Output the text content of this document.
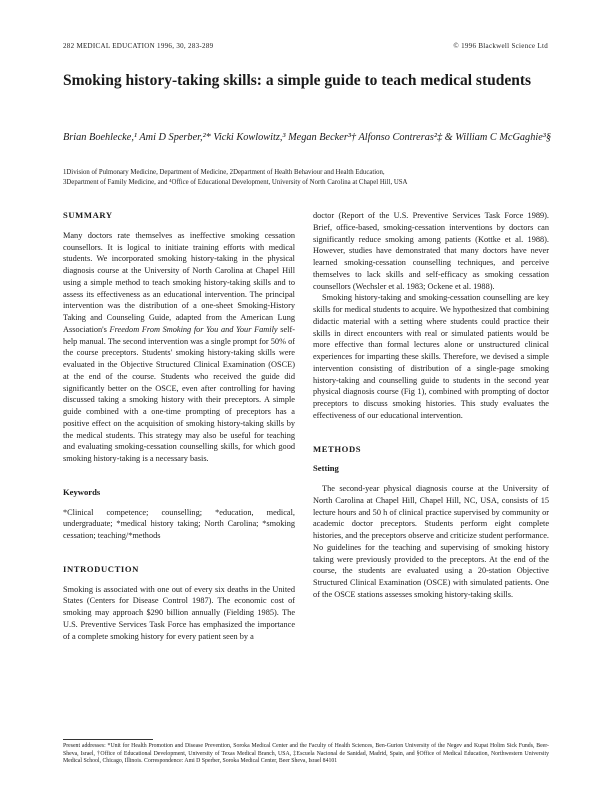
282 MEDICAL EDUCATION 1996, 30, 283-289	© 1996 Blackwell Science Ltd
Smoking history-taking skills: a simple guide to teach medical students
Brian Boehlecke,¹ Ami D Sperber,²* Vicki Kowlowitz,³ Megan Becker³† Alfonso Contreras²‡ & William C McGaghie³§
1Division of Pulmonary Medicine, Department of Medicine, 2Department of Health Behaviour and Health Education,
3Department of Family Medicine, and ⁴Office of Educational Development, University of North Carolina at Chapel Hill, USA

SUMMARY

Many doctors rate themselves as ineffective smoking cessation counsellors. It is logical to initiate training efforts with medical students. We incorporated smoking history-taking in the physical diagnosis course at the University of North Carolina at Chapel Hill using a simple method to teach smoking history-taking skills and to assess its effectiveness as an educational intervention. The principal intervention was the distribution of a one-sheet Smoking-History Taking and Counseling Guide, adapted from the American Lung Association's Freedom From Smoking for You and Your Family self-help manual. The second intervention was a single prompt for 50% of the course preceptors. Students' smoking history-taking skills were evaluated in the Objective Structured Clinical Examination (OSCE) at the end of the course. Students who received the guide did significantly better on the OSCE, even after controlling for having discussed taking a smoking history with their preceptors. A simple guide combined with a one-time prompting of preceptors has a positive effect on the acquisition of smoking history-taking skills by the medical students. This strategy may also be useful for teaching and evaluating smoking-cessation counselling skills, for which good smoking history-taking is a necessary basis.

Keywords

*Clinical competence; counselling; *education, medical, undergraduate; *medical history taking; North Carolina; *smoking cessation; teaching/*methods

INTRODUCTION

Smoking is associated with one out of every six deaths in the United States (Centers for Disease Control 1987). The economic cost of smoking may approach $290 billion annually (Fielding 1985). The U.S. Preventive Services Task Force has emphasized the importance of a complete smoking history for every patient seen by a

doctor (Report of the U.S. Preventive Services Task Force 1989). Brief, office-based, smoking-cessation interventions by doctors can significantly reduce smoking among patients (Kottke et al. 1988). However, studies have demonstrated that many doctors have never learned smoking-cessation counselling techniques, and perceive themselves to lack skills and self-efficacy as smoking cessation counsellors (Wechsler et al. 1983; Ockene et al. 1988).

Smoking history-taking and smoking-cessation counselling are key skills for medical students to acquire. We hypothesized that combining didactic material with a setting where students could practice their skills in direct encounters with real or simulated patients would be more effective than formal lectures alone or unstructured clinical experiences for imparting these skills. Therefore, we devised a simple intervention consisting of distribution of a single-page smoking history-taking and counselling guide to students in the second year physical diagnosis course (Fig 1), combined with prompting of doctor preceptors to discuss smoking histories. This study evaluates the effectiveness of our educational intervention.

METHODS

Setting

The second-year physical diagnosis course at the University of North Carolina at Chapel Hill, Chapel Hill, NC, USA, consists of 15 lecture hours and 50 h of clinical practice supervised by community or academic doctor preceptors. Students perform eight complete histories, and the preceptors observe and criticize student performance. No guidelines for the teaching and supervising of smoking history taking were previously provided to the preceptors. At the end of the course, the students are evaluated using a 20-station Objective Structured Clinical Examination (OSCE) with simulated patients. One of the OSCE stations assesses smoking history-taking skills.

Present addresses: *Unit for Health Promotion and Disease Prevention, Soroka Medical Center and the Faculty of Health Sciences, Ben-Gurion University of the Negev and Kupat Holim Sick Funds, Beer-Sheva, Israel, †Office of Educational Development, University of Texas Medical Branch, USA, ‡Escuela Nacional de Sanidad, Madrid, Spain, and §Office of Medical Education, Northwestern University Medical School, Chicago, Illinois. Correspondence: Ami D Sperber, Soroka Medical Center, Beer Sheva, Israel 84101
